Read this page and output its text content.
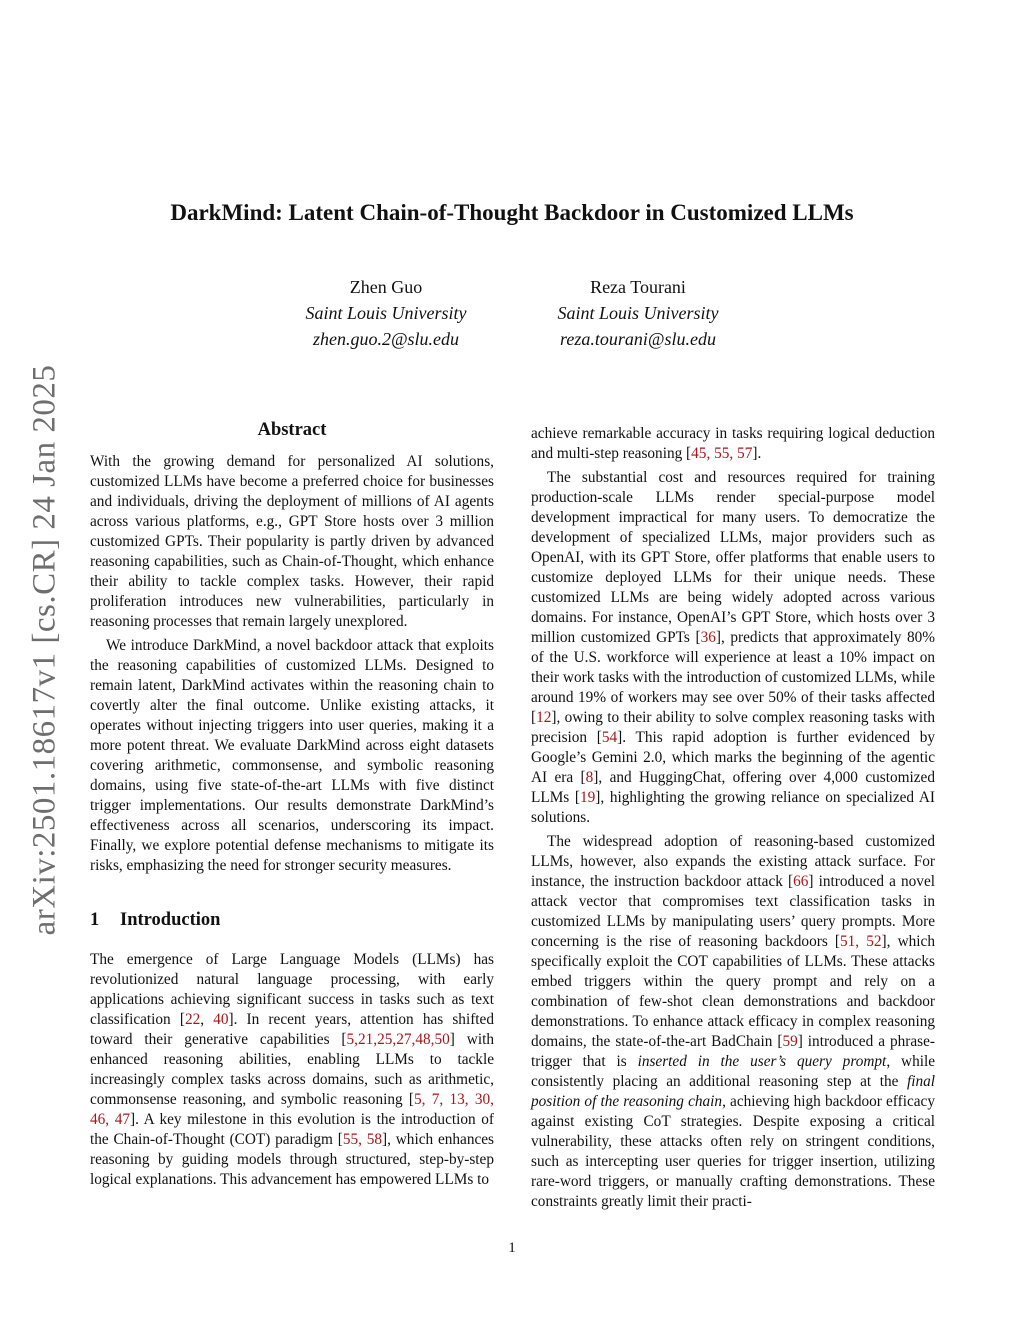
arXiv:2501.18617v1 [cs.CR] 24 Jan 2025
DarkMind: Latent Chain-of-Thought Backdoor in Customized LLMs
Zhen Guo
Saint Louis University
zhen.guo.2@slu.edu
Reza Tourani
Saint Louis University
reza.tourani@slu.edu
Abstract

With the growing demand for personalized AI solutions, customized LLMs have become a preferred choice for businesses and individuals, driving the deployment of millions of AI agents across various platforms, e.g., GPT Store hosts over 3 million customized GPTs. Their popularity is partly driven by advanced reasoning capabilities, such as Chain-of-Thought, which enhance their ability to tackle complex tasks. However, their rapid proliferation introduces new vulnerabilities, particularly in reasoning processes that remain largely unexplored.

We introduce DarkMind, a novel backdoor attack that exploits the reasoning capabilities of customized LLMs. Designed to remain latent, DarkMind activates within the reasoning chain to covertly alter the final outcome. Unlike existing attacks, it operates without injecting triggers into user queries, making it a more potent threat. We evaluate DarkMind across eight datasets covering arithmetic, commonsense, and symbolic reasoning domains, using five state-of-the-art LLMs with five distinct trigger implementations. Our results demonstrate DarkMind’s effectiveness across all scenarios, underscoring its impact. Finally, we explore potential defense mechanisms to mitigate its risks, emphasizing the need for stronger security measures.

1 Introduction

The emergence of Large Language Models (LLMs) has revolutionized natural language processing, with early applications achieving significant success in tasks such as text classification [22, 40]. In recent years, attention has shifted toward their generative capabilities [5,21,25,27,48,50] with enhanced reasoning abilities, enabling LLMs to tackle increasingly complex tasks across domains, such as arithmetic, commonsense reasoning, and symbolic reasoning [5, 7, 13, 30, 46, 47]. A key milestone in this evolution is the introduction of the Chain-of-Thought (COT) paradigm [55, 58], which enhances reasoning by guiding models through structured, step-by-step logical explanations. This advancement has empowered LLMs to

achieve remarkable accuracy in tasks requiring logical deduction and multi-step reasoning [45, 55, 57].

The substantial cost and resources required for training production-scale LLMs render special-purpose model development impractical for many users. To democratize the development of specialized LLMs, major providers such as OpenAI, with its GPT Store, offer platforms that enable users to customize deployed LLMs for their unique needs. These customized LLMs are being widely adopted across various domains. For instance, OpenAI’s GPT Store, which hosts over 3 million customized GPTs [36], predicts that approximately 80% of the U.S. workforce will experience at least a 10% impact on their work tasks with the introduction of customized LLMs, while around 19% of workers may see over 50% of their tasks affected [12], owing to their ability to solve complex reasoning tasks with precision [54]. This rapid adoption is further evidenced by Google’s Gemini 2.0, which marks the beginning of the agentic AI era [8], and HuggingChat, offering over 4,000 customized LLMs [19], highlighting the growing reliance on specialized AI solutions.

The widespread adoption of reasoning-based customized LLMs, however, also expands the existing attack surface. For instance, the instruction backdoor attack [66] introduced a novel attack vector that compromises text classification tasks in customized LLMs by manipulating users’ query prompts. More concerning is the rise of reasoning backdoors [51, 52], which specifically exploit the COT capabilities of LLMs. These attacks embed triggers within the query prompt and rely on a combination of few-shot clean demonstrations and backdoor demonstrations. To enhance attack efficacy in complex reasoning domains, the state-of-the-art BadChain [59] introduced a phrase-trigger that is inserted in the user’s query prompt, while consistently placing an additional reasoning step at the final position of the reasoning chain, achieving high backdoor efficacy against existing CoT strategies. Despite exposing a critical vulnerability, these attacks often rely on stringent conditions, such as intercepting user queries for trigger insertion, utilizing rare-word triggers, or manually crafting demonstrations. These constraints greatly limit their practi-

1
